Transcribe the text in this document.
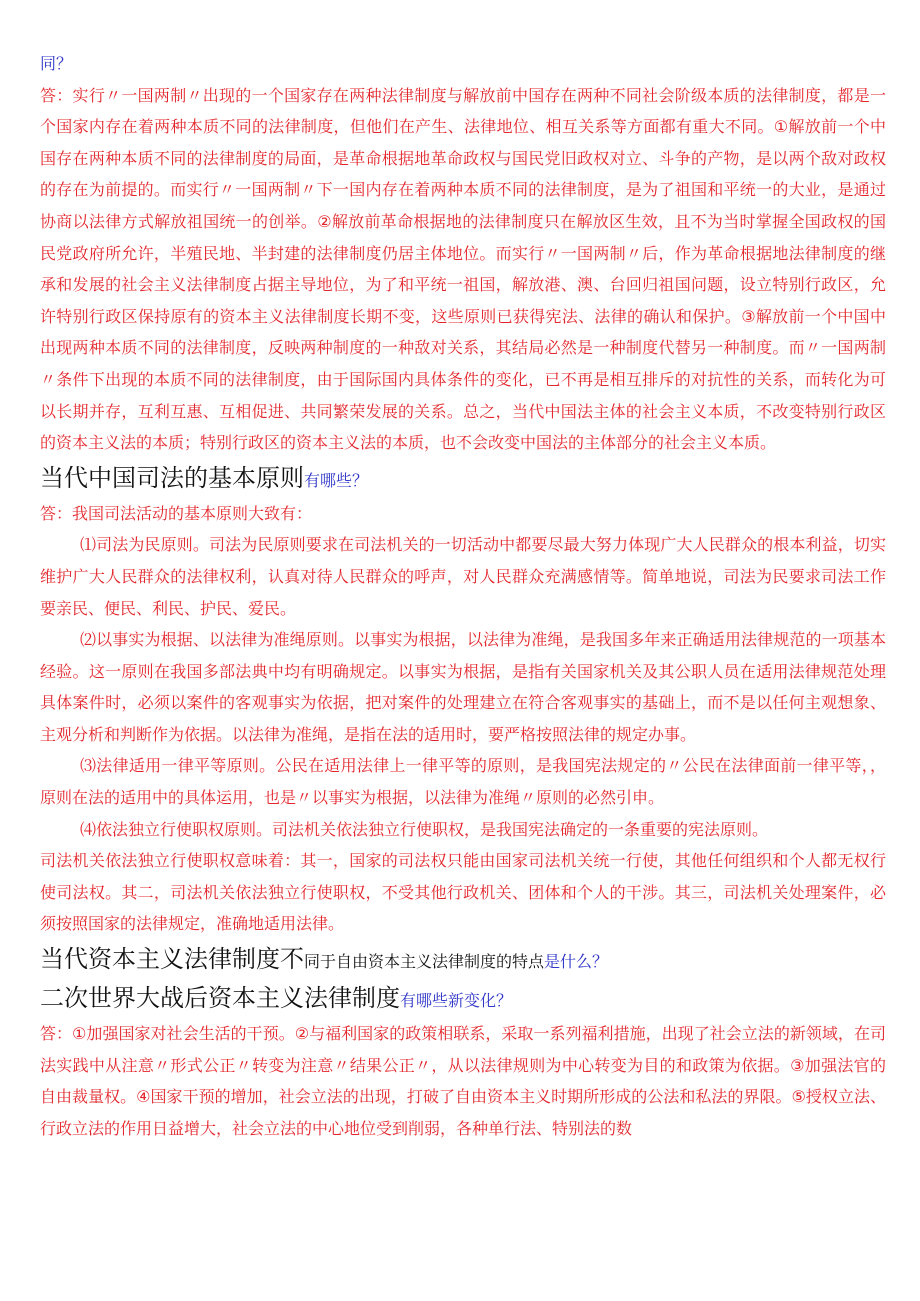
同？

答：实行〃一国两制〃出现的一个国家存在两种法律制度与解放前中国存在两种不同社会阶级本质的法律制度，都是一个国家内存在着两种本质不同的法律制度，但他们在产生、法律地位、相互关系等方面都有重大不同。①解放前一个中国存在两种本质不同的法律制度的局面，是革命根据地革命政权与国民党旧政权对立、斗争的产物，是以两个敌对政权的存在为前提的。而实行〃一国两制〃下一国内存在着两种本质不同的法律制度，是为了祖国和平统一的大业，是通过协商以法律方式解放祖国统一的创举。②解放前革命根据地的法律制度只在解放区生效，且不为当时掌握全国政权的国民党政府所允许，半殖民地、半封建的法律制度仍居主体地位。而实行〃一国两制〃后，作为革命根据地法律制度的继承和发展的社会主义法律制度占据主导地位，为了和平统一祖国，解放港、澳、台回归祖国问题，设立特别行政区，允许特别行政区保持原有的资本主义法律制度长期不变，这些原则已获得宪法、法律的确认和保护。③解放前一个中国中出现两种本质不同的法律制度，反映两种制度的一种敌对关系，其结局必然是一种制度代替另一种制度。而〃一国两制〃条件下出现的本质不同的法律制度，由于国际国内具体条件的变化，已不再是相互排斥的对抗性的关系，而转化为可以长期并存，互利互惠、互相促进、共同繁荣发展的关系。总之，当代中国法主体的社会主义本质，不改变特别行政区的资本主义法的本质；特别行政区的资本主义法的本质，也不会改变中国法的主体部分的社会主义本质。

当代中国司法的基本原则有哪些？

答：我国司法活动的基本原则大致有：

⑴司法为民原则。司法为民原则要求在司法机关的一切活动中都要尽最大努力体现广大人民群众的根本利益，切实维护广大人民群众的法律权利，认真对待人民群众的呼声，对人民群众充满感情等。简单地说，司法为民要求司法工作要亲民、便民、利民、护民、爱民。

⑵以事实为根据、以法律为准绳原则。以事实为根据，以法律为准绳，是我国多年来正确适用法律规范的一项基本经验。这一原则在我国多部法典中均有明确规定。以事实为根据，是指有关国家机关及其公职人员在适用法律规范处理具体案件时，必须以案件的客观事实为依据，把对案件的处理建立在符合客观事实的基础上，而不是以任何主观想象、主观分析和判断作为依据。以法律为准绳，是指在法的适用时，要严格按照法律的规定办事。

⑶法律适用一律平等原则。公民在适用法律上一律平等的原则，是我国宪法规定的〃公民在法律面前一律平等，，原则在法的适用中的具体运用，也是〃以事实为根据，以法律为准绳〃原则的必然引申。

⑷依法独立行使职权原则。司法机关依法独立行使职权，是我国宪法确定的一条重要的宪法原则。

司法机关依法独立行使职权意味着：其一，国家的司法权只能由国家司法机关统一行使，其他任何组织和个人都无权行使司法权。其二，司法机关依法独立行使职权，不受其他行政机关、团体和个人的干涉。其三，司法机关处理案件，必须按照国家的法律规定，准确地适用法律。

当代资本主义法律制度不同于自由资本主义法律制度的特点是什么？
二次世界大战后资本主义法律制度有哪些新变化？

答：①加强国家对社会生活的干预。②与福利国家的政策相联系，采取一系列福利措施，出现了社会立法的新领域，在司法实践中从注意〃形式公正〃转变为注意〃结果公正〃，从以法律规则为中心转变为目的和政策为依据。③加强法官的自由裁量权。④国家干预的增加，社会立法的出现，打破了自由资本主义时期所形成的公法和私法的界限。⑤授权立法、行政立法的作用日益增大，社会立法的中心地位受到削弱，各种单行法、特别法的数
